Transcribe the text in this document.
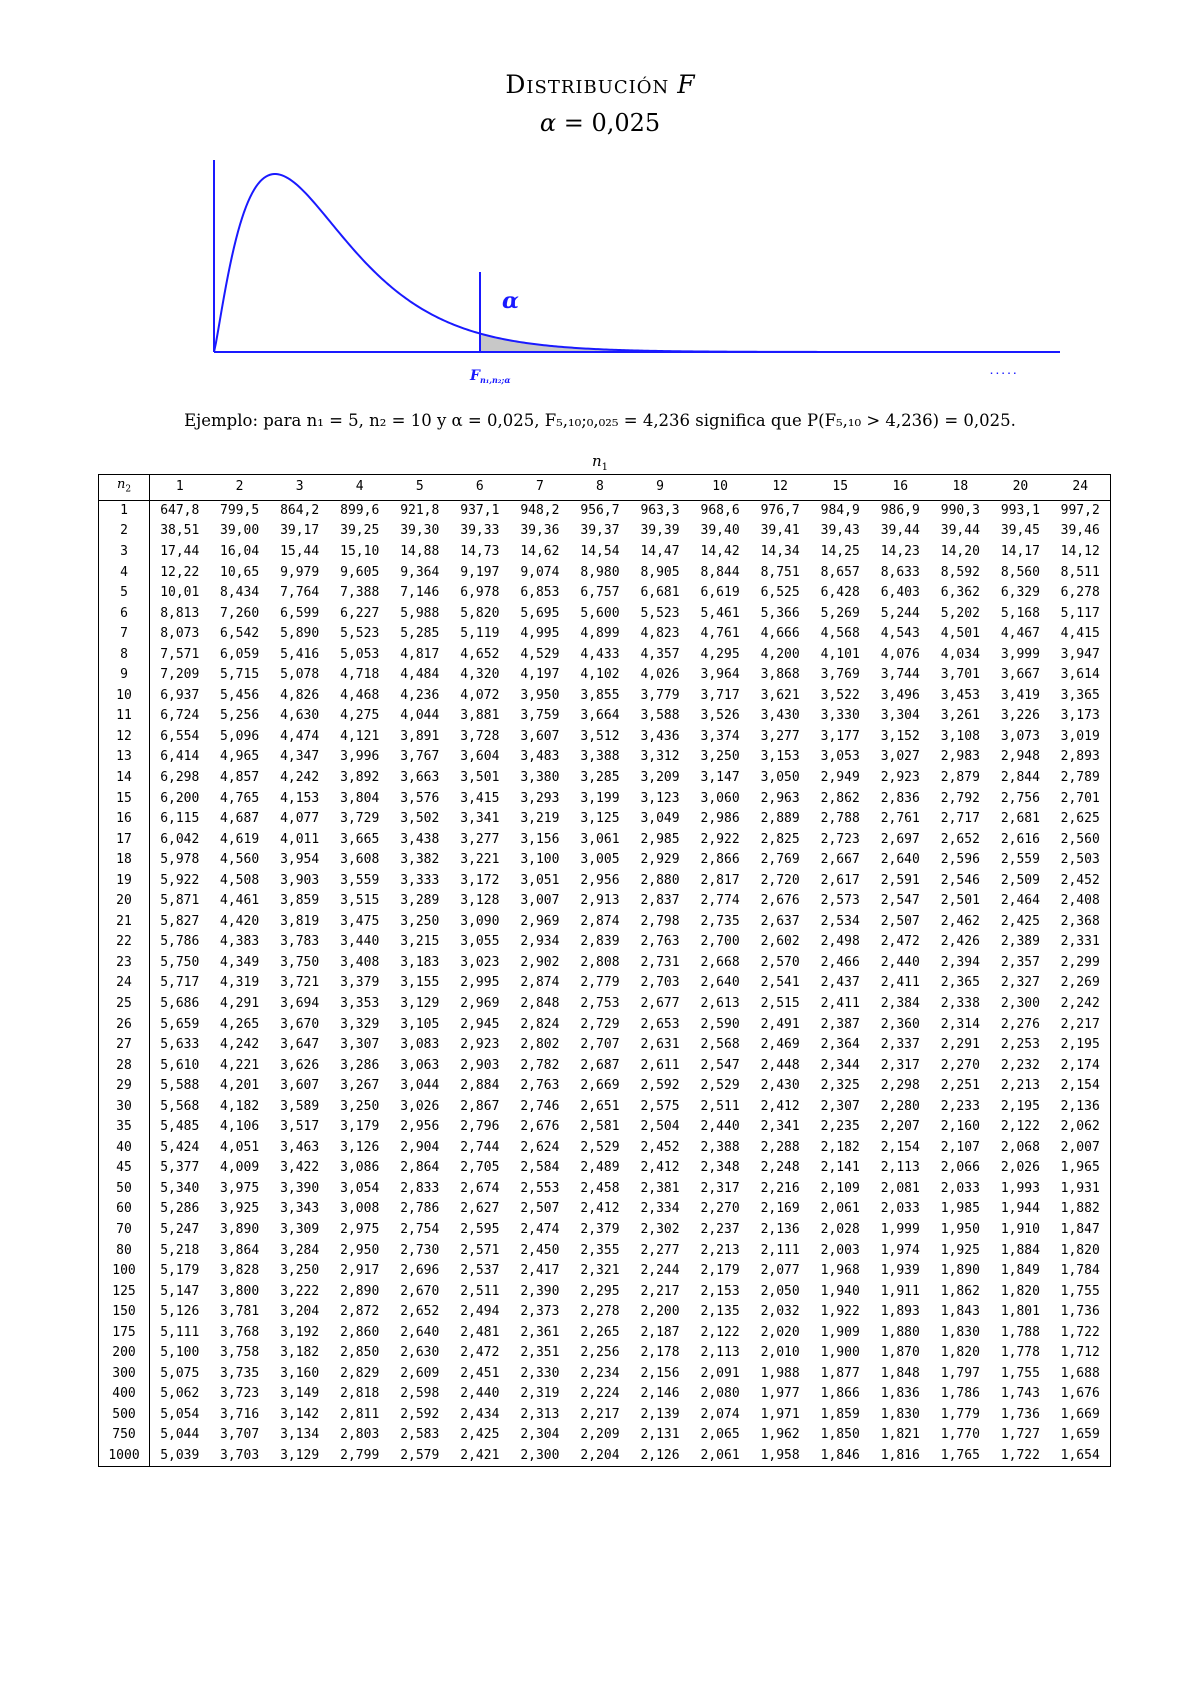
Distribución F
α = 0,025
α
$F_{n_1,n_2;\alpha}$
· · · · ·
Ejemplo: para n₁ = 5, n₂ = 10 y α = 0,025, F₅,₁₀;₀,₀₂₅ = 4,236 significa que P(F₅,₁₀ > 4,236) = 0,025.
$n_1$
$n_2$	1	2	3	4	5	6	7	8	9	10	12	15	16	18	20	24
1	647,8	799,5	864,2	899,6	921,8	937,1	948,2	956,7	963,3	968,6	976,7	984,9	986,9	990,3	993,1	997,2
2	38,51	39,00	39,17	39,25	39,30	39,33	39,36	39,37	39,39	39,40	39,41	39,43	39,44	39,44	39,45	39,46
3	17,44	16,04	15,44	15,10	14,88	14,73	14,62	14,54	14,47	14,42	14,34	14,25	14,23	14,20	14,17	14,12
4	12,22	10,65	9,979	9,605	9,364	9,197	9,074	8,980	8,905	8,844	8,751	8,657	8,633	8,592	8,560	8,511
5	10,01	8,434	7,764	7,388	7,146	6,978	6,853	6,757	6,681	6,619	6,525	6,428	6,403	6,362	6,329	6,278
6	8,813	7,260	6,599	6,227	5,988	5,820	5,695	5,600	5,523	5,461	5,366	5,269	5,244	5,202	5,168	5,117
7	8,073	6,542	5,890	5,523	5,285	5,119	4,995	4,899	4,823	4,761	4,666	4,568	4,543	4,501	4,467	4,415
8	7,571	6,059	5,416	5,053	4,817	4,652	4,529	4,433	4,357	4,295	4,200	4,101	4,076	4,034	3,999	3,947
9	7,209	5,715	5,078	4,718	4,484	4,320	4,197	4,102	4,026	3,964	3,868	3,769	3,744	3,701	3,667	3,614
10	6,937	5,456	4,826	4,468	4,236	4,072	3,950	3,855	3,779	3,717	3,621	3,522	3,496	3,453	3,419	3,365
11	6,724	5,256	4,630	4,275	4,044	3,881	3,759	3,664	3,588	3,526	3,430	3,330	3,304	3,261	3,226	3,173
12	6,554	5,096	4,474	4,121	3,891	3,728	3,607	3,512	3,436	3,374	3,277	3,177	3,152	3,108	3,073	3,019
13	6,414	4,965	4,347	3,996	3,767	3,604	3,483	3,388	3,312	3,250	3,153	3,053	3,027	2,983	2,948	2,893
14	6,298	4,857	4,242	3,892	3,663	3,501	3,380	3,285	3,209	3,147	3,050	2,949	2,923	2,879	2,844	2,789
15	6,200	4,765	4,153	3,804	3,576	3,415	3,293	3,199	3,123	3,060	2,963	2,862	2,836	2,792	2,756	2,701
16	6,115	4,687	4,077	3,729	3,502	3,341	3,219	3,125	3,049	2,986	2,889	2,788	2,761	2,717	2,681	2,625
17	6,042	4,619	4,011	3,665	3,438	3,277	3,156	3,061	2,985	2,922	2,825	2,723	2,697	2,652	2,616	2,560
18	5,978	4,560	3,954	3,608	3,382	3,221	3,100	3,005	2,929	2,866	2,769	2,667	2,640	2,596	2,559	2,503
19	5,922	4,508	3,903	3,559	3,333	3,172	3,051	2,956	2,880	2,817	2,720	2,617	2,591	2,546	2,509	2,452
20	5,871	4,461	3,859	3,515	3,289	3,128	3,007	2,913	2,837	2,774	2,676	2,573	2,547	2,501	2,464	2,408
21	5,827	4,420	3,819	3,475	3,250	3,090	2,969	2,874	2,798	2,735	2,637	2,534	2,507	2,462	2,425	2,368
22	5,786	4,383	3,783	3,440	3,215	3,055	2,934	2,839	2,763	2,700	2,602	2,498	2,472	2,426	2,389	2,331
23	5,750	4,349	3,750	3,408	3,183	3,023	2,902	2,808	2,731	2,668	2,570	2,466	2,440	2,394	2,357	2,299
24	5,717	4,319	3,721	3,379	3,155	2,995	2,874	2,779	2,703	2,640	2,541	2,437	2,411	2,365	2,327	2,269
25	5,686	4,291	3,694	3,353	3,129	2,969	2,848	2,753	2,677	2,613	2,515	2,411	2,384	2,338	2,300	2,242
26	5,659	4,265	3,670	3,329	3,105	2,945	2,824	2,729	2,653	2,590	2,491	2,387	2,360	2,314	2,276	2,217
27	5,633	4,242	3,647	3,307	3,083	2,923	2,802	2,707	2,631	2,568	2,469	2,364	2,337	2,291	2,253	2,195
28	5,610	4,221	3,626	3,286	3,063	2,903	2,782	2,687	2,611	2,547	2,448	2,344	2,317	2,270	2,232	2,174
29	5,588	4,201	3,607	3,267	3,044	2,884	2,763	2,669	2,592	2,529	2,430	2,325	2,298	2,251	2,213	2,154
30	5,568	4,182	3,589	3,250	3,026	2,867	2,746	2,651	2,575	2,511	2,412	2,307	2,280	2,233	2,195	2,136
35	5,485	4,106	3,517	3,179	2,956	2,796	2,676	2,581	2,504	2,440	2,341	2,235	2,207	2,160	2,122	2,062
40	5,424	4,051	3,463	3,126	2,904	2,744	2,624	2,529	2,452	2,388	2,288	2,182	2,154	2,107	2,068	2,007
45	5,377	4,009	3,422	3,086	2,864	2,705	2,584	2,489	2,412	2,348	2,248	2,141	2,113	2,066	2,026	1,965
50	5,340	3,975	3,390	3,054	2,833	2,674	2,553	2,458	2,381	2,317	2,216	2,109	2,081	2,033	1,993	1,931
60	5,286	3,925	3,343	3,008	2,786	2,627	2,507	2,412	2,334	2,270	2,169	2,061	2,033	1,985	1,944	1,882
70	5,247	3,890	3,309	2,975	2,754	2,595	2,474	2,379	2,302	2,237	2,136	2,028	1,999	1,950	1,910	1,847
80	5,218	3,864	3,284	2,950	2,730	2,571	2,450	2,355	2,277	2,213	2,111	2,003	1,974	1,925	1,884	1,820
100	5,179	3,828	3,250	2,917	2,696	2,537	2,417	2,321	2,244	2,179	2,077	1,968	1,939	1,890	1,849	1,784
125	5,147	3,800	3,222	2,890	2,670	2,511	2,390	2,295	2,217	2,153	2,050	1,940	1,911	1,862	1,820	1,755
150	5,126	3,781	3,204	2,872	2,652	2,494	2,373	2,278	2,200	2,135	2,032	1,922	1,893	1,843	1,801	1,736
175	5,111	3,768	3,192	2,860	2,640	2,481	2,361	2,265	2,187	2,122	2,020	1,909	1,880	1,830	1,788	1,722
200	5,100	3,758	3,182	2,850	2,630	2,472	2,351	2,256	2,178	2,113	2,010	1,900	1,870	1,820	1,778	1,712
300	5,075	3,735	3,160	2,829	2,609	2,451	2,330	2,234	2,156	2,091	1,988	1,877	1,848	1,797	1,755	1,688
400	5,062	3,723	3,149	2,818	2,598	2,440	2,319	2,224	2,146	2,080	1,977	1,866	1,836	1,786	1,743	1,676
500	5,054	3,716	3,142	2,811	2,592	2,434	2,313	2,217	2,139	2,074	1,971	1,859	1,830	1,779	1,736	1,669
750	5,044	3,707	3,134	2,803	2,583	2,425	2,304	2,209	2,131	2,065	1,962	1,850	1,821	1,770	1,727	1,659
1000	5,039	3,703	3,129	2,799	2,579	2,421	2,300	2,204	2,126	2,061	1,958	1,846	1,816	1,765	1,722	1,654
